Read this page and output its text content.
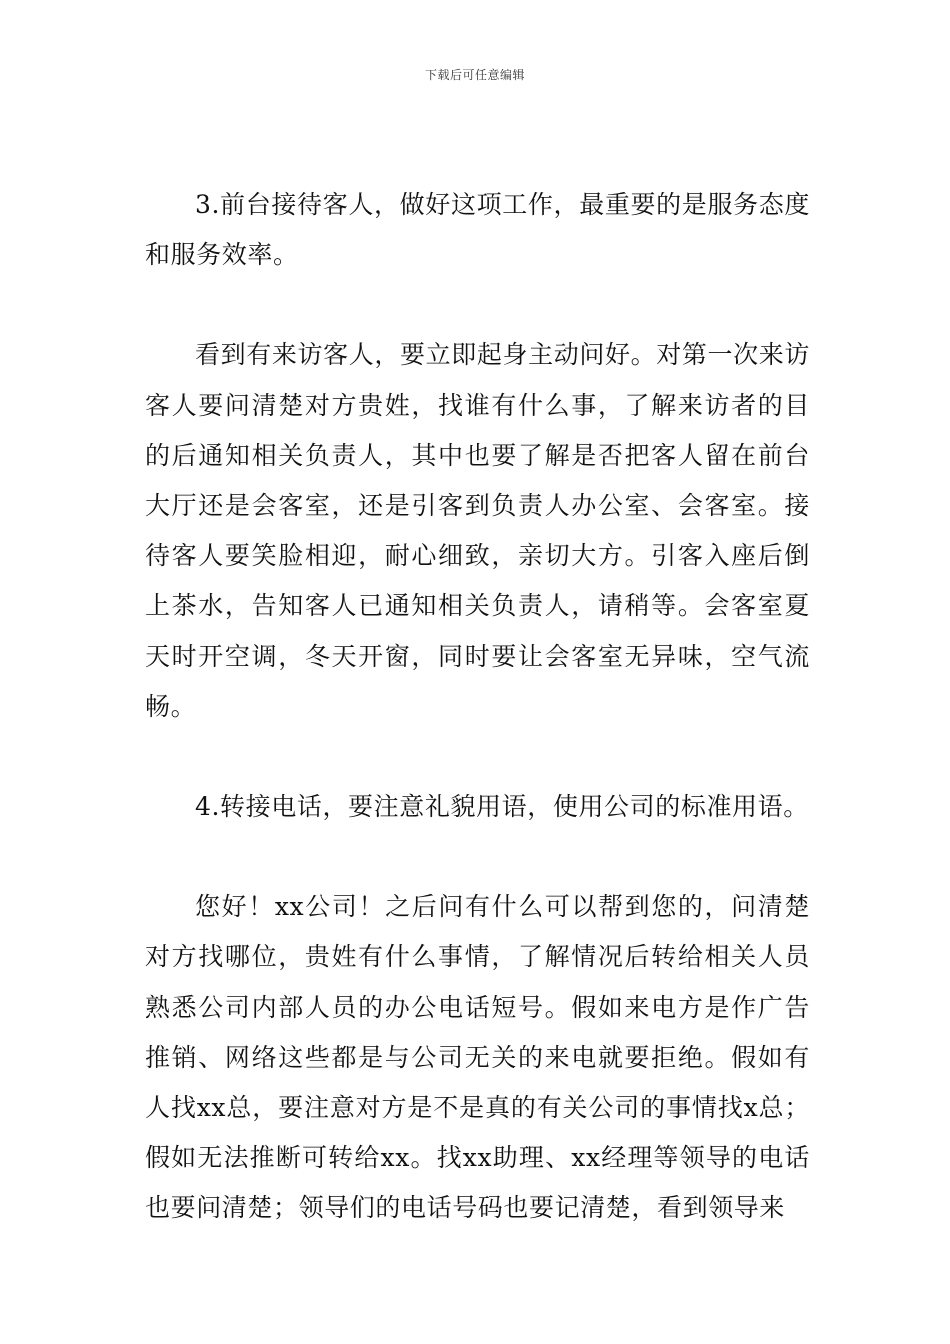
下载后可任意编辑

3.前台接待客人，做好这项工作，最重要的是服务态度和服务效率。

看到有来访客人，要立即起身主动问好。对第一次来访客人要问清楚对方贵姓，找谁有什么事，了解来访者的目的后通知相关负责人，其中也要了解是否把客人留在前台大厅还是会客室，还是引客到负责人办公室、会客室。接待客人要笑脸相迎，耐心细致，亲切大方。引客入座后倒上茶水，告知客人已通知相关负责人，请稍等。会客室夏天时开空调，冬天开窗，同时要让会客室无异味，空气流畅。

4.转接电话，要注意礼貌用语，使用公司的标准用语。

您好！xx公司！之后问有什么可以帮到您的，问清楚对方找哪位，贵姓有什么事情，了解情况后转给相关人员熟悉公司内部人员的办公电话短号。假如来电方是作广告推销、网络这些都是与公司无关的来电就要拒绝。假如有人找xx总，要注意对方是不是真的有关公司的事情找x总；假如无法推断可转给xx。找xx助理、xx经理等领导的电话也要问清楚；领导们的电话号码也要记清楚，看到领导来
